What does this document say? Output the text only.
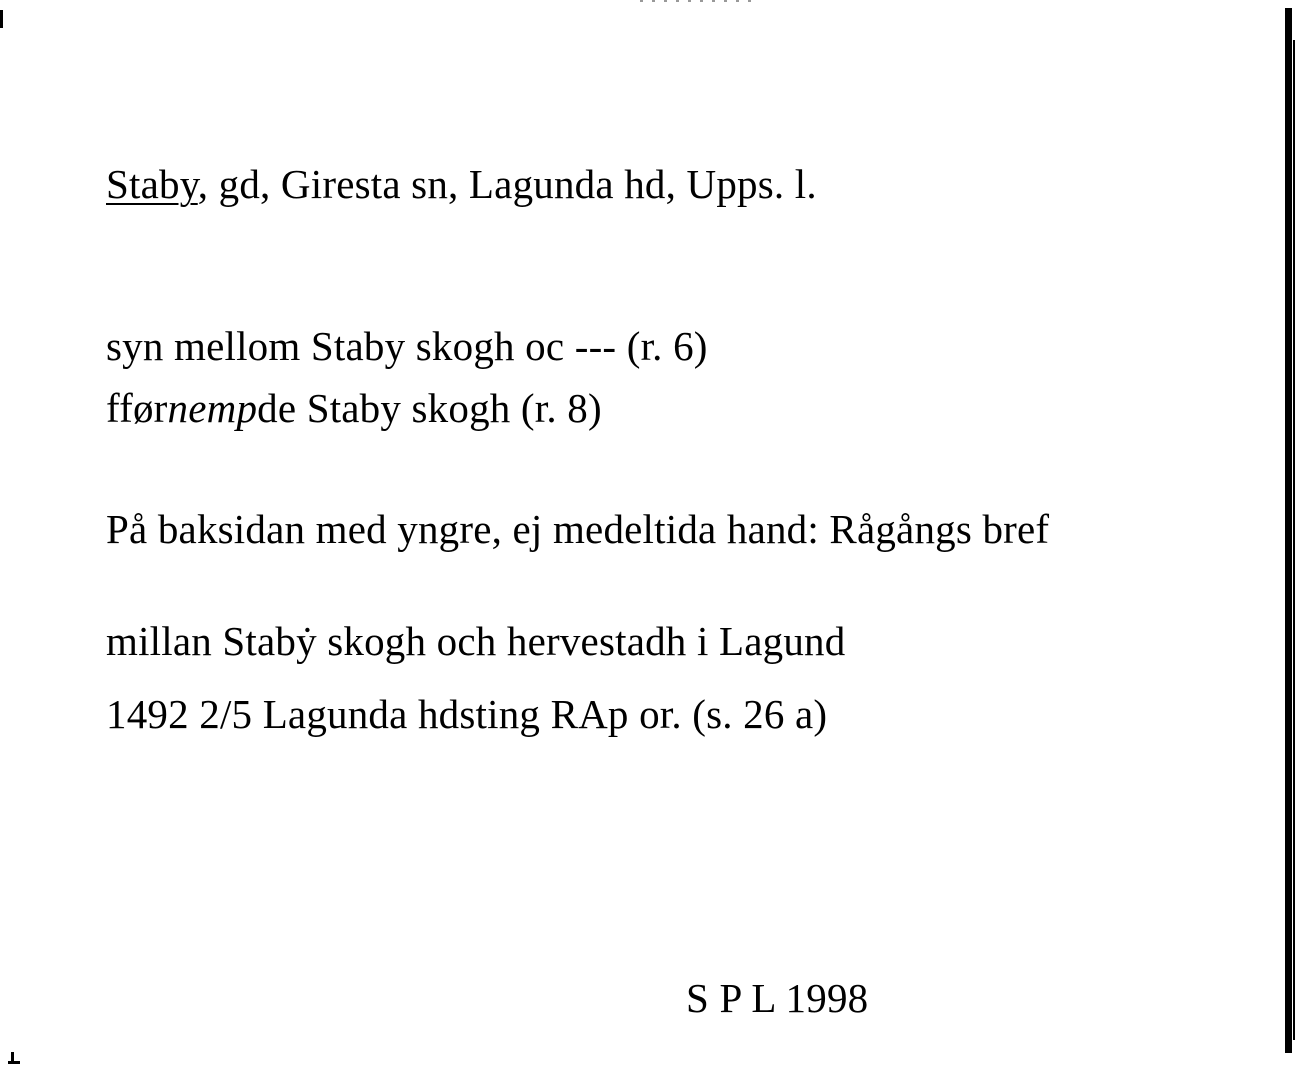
Staby, gd, Giresta sn, Lagunda hd, Upps. l.
syn mellom Staby skogh oc --- (r. 6)
fførnempde Staby skogh (r. 8)
På baksidan med yngre, ej medeltida hand: Rågångs bref
millan Stabẏ skogh och hervestadh i Lagund
1492 2/5 Lagunda hdsting RAp or. (s. 26 a)
S P L 1998
